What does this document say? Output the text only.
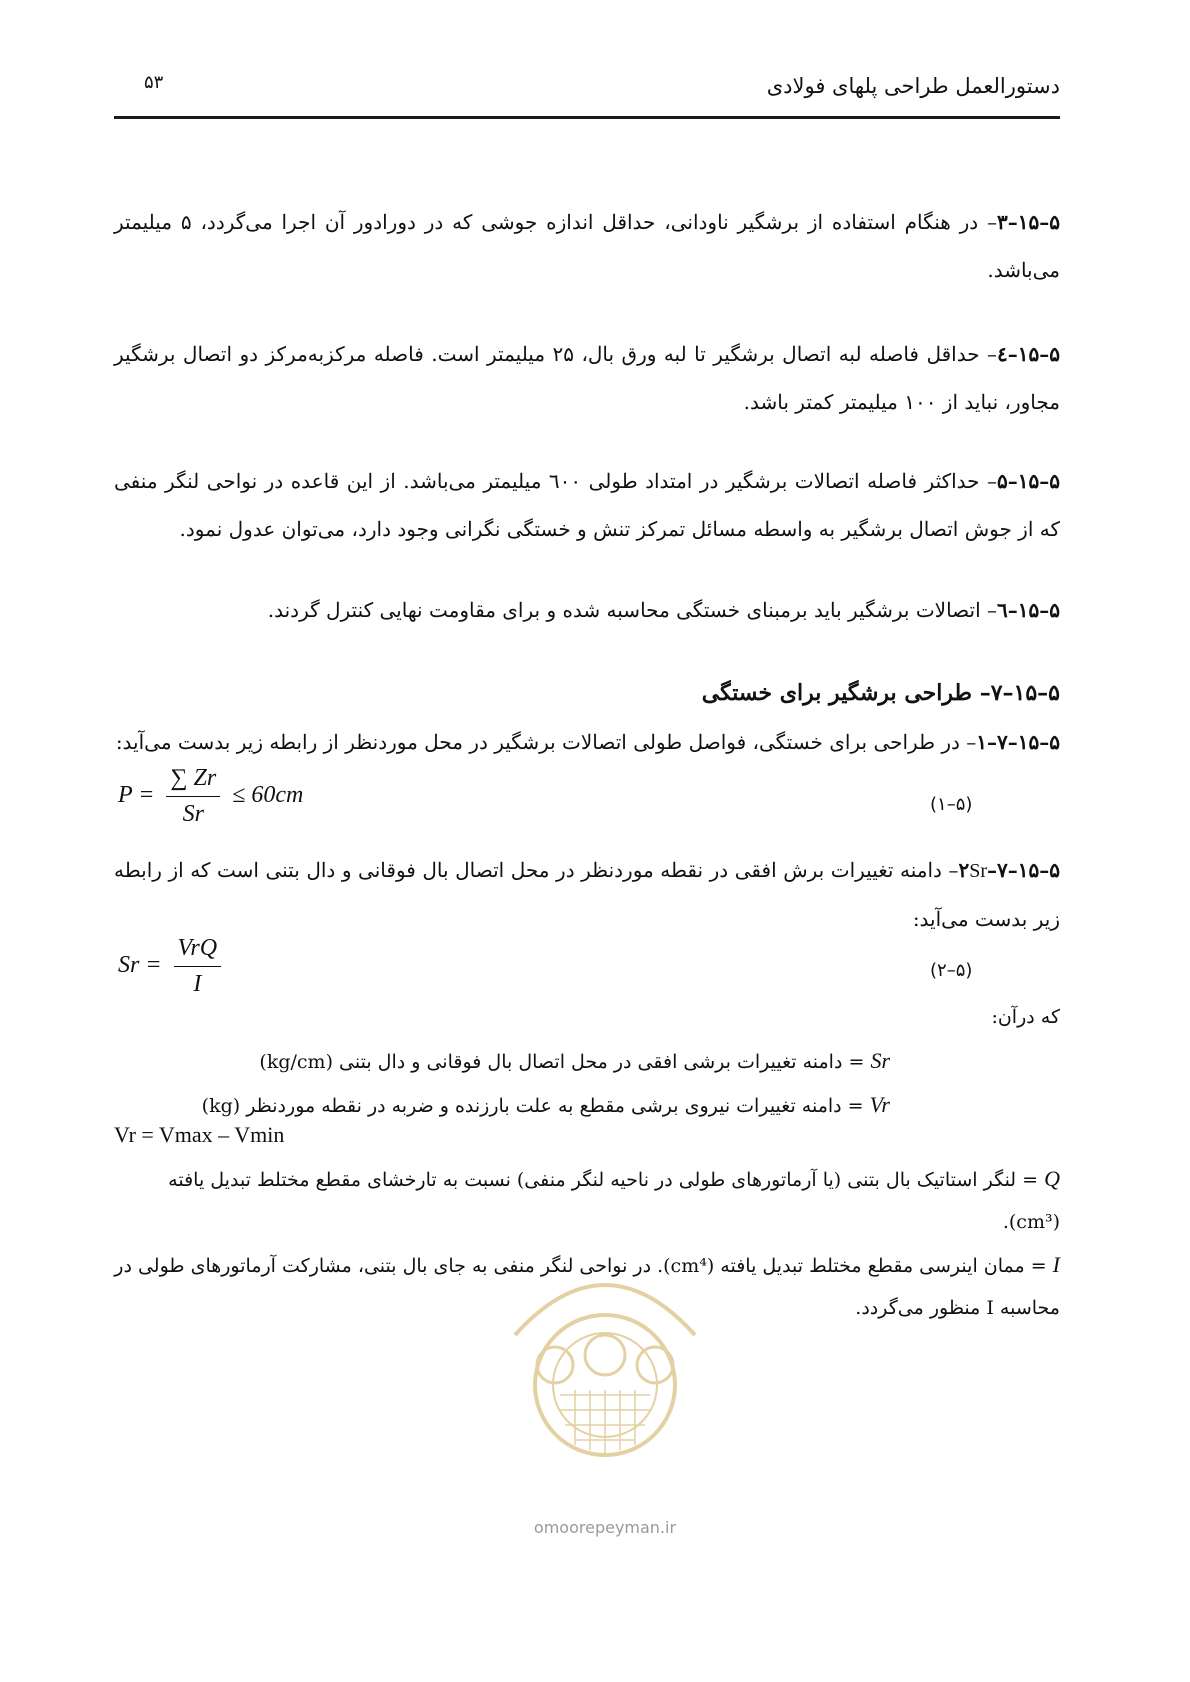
دستورالعمل طراحی پلهای فولادی
۵۳
۵–۱۵–۳– در هنگام استفاده از برشگیر ناودانی، حداقل اندازه جوشی که در دورادور آن اجرا می‌گردد، ۵ میلیمتر می‌باشد.
۵–۱۵–٤– حداقل فاصله لبه اتصال برشگیر تا لبه ورق بال، ۲۵ میلیمتر است. فاصله مرکزبه‌مرکز دو اتصال برشگیر مجاور، نباید از ۱۰۰ میلیمتر کمتر باشد.
۵–۱۵–۵– حداکثر فاصله اتصالات برشگیر در امتداد طولی ٦۰۰ میلیمتر می‌باشد. از این قاعده در نواحی لنگر منفی که از جوش اتصال برشگیر به واسطه مسائل تمرکز تنش و خستگی نگرانی وجود دارد، می‌توان عدول نمود.
۵–۱۵–٦– اتصالات برشگیر باید برمبنای خستگی محاسبه شده و برای مقاومت نهایی کنترل گردند.
۵–۱۵–۷– طراحی برشگیر برای خستگی
۵–۱۵–۷–۱– در طراحی برای خستگی، فواصل طولی اتصالات برشگیر در محل موردنظر از رابطه زیر بدست می‌آید:
$P = \frac{\sum Zr}{Sr} \le 60cm$	(۵–۱)
۵–۱۵–۷–۲Sr– دامنه تغییرات برش افقی در نقطه موردنظر در محل اتصال بال فوقانی و دال بتنی است که از رابطه زیر بدست می‌آید:
$Sr = \frac{\text{VrQ}}{I}$	(۵–۲)
که درآن:
Sr = دامنه تغییرات برشی افقی در محل اتصال بال فوقانی و دال بتنی (kg/cm)
Vr = دامنه تغییرات نیروی برشی مقطع به علت بارزنده و ضربه در نقطه موردنظر (kg)
Vr = Vmax – Vmin
Q = لنگر استاتیک بال بتنی (یا آرماتورهای طولی در ناحیه لنگر منفی) نسبت به تارخشای مقطع مختلط تبدیل یافته (cm³).
I = ممان اینرسی مقطع مختلط تبدیل یافته (cm⁴). در نواحی لنگر منفی به جای بال بتنی، مشارکت آرماتورهای طولی در محاسبه I منظور می‌گردد.
omoorepeyman.ir
